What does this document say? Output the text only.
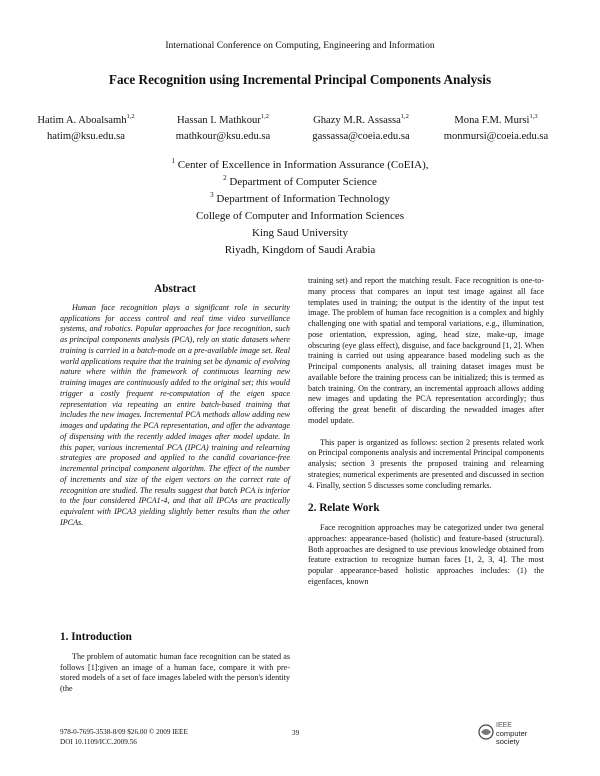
International Conference on Computing, Engineering and Information
Face Recognition using Incremental Principal Components Analysis
Hatim A. Aboalsamh$^{1,2}$
hatim@ksu.edu.sa
Hassan I. Mathkour$^{1,2}$
mathkour@ksu.edu.sa
Ghazy M.R. Assassa$^{1,2}$
gassassa@coeia.edu.sa
Mona F.M. Mursi$^{1,3}$
monmursi@coeia.edu.sa
$^1$ Center of Excellence in Information Assurance (CoEIA),
$^2$ Department of Computer Science
$^3$ Department of Information Technology
College of Computer and Information Sciences
King Saud University
Riyadh, Kingdom of Saudi Arabia
Abstract

Human face recognition plays a significant role in security applications for access control and real time video surveillance systems, and robotics. Popular approaches for face recognition, such as principal components analysis (PCA), rely on static datasets where training is carried in a batch-mode on a pre-available image set. Real world applications require that the training set be dynamic of evolving nature where within the framework of continuous learning new training images are continuously added to the original set; this would trigger a costly frequent re-computation of the eigen space representation via repeating an entire batch-based training that includes the new images. Incremental PCA methods allow adding new images and updating the PCA representation, and offer the advantage of dispensing with the recently added images after model update. In this paper, various incremental PCA (IPCA) training and relearning strategies are proposed and applied to the candid covariance-free incremental principal component algorithm. The effect of the number of increments and size of the eigen vectors on the correct rate of recognition are studied. The results suggest that batch PCA is inferior to the four considered IPCA1-4, and that all IPCAs are practically equivalent with IPCA3 yielding slightly better results than the other IPCAs.

1. Introduction

The problem of automatic human face recognition can be stated as follows [1]:given an image of a human face, compare it with pre-stored models of a set of face images labeled with the person's identity (the

training set) and report the matching result. Face recognition is one-to-many process that compares an input test image against all face templates used in training; the output is the identity of the input test image. The problem of human face recognition is a complex and highly challenging one with spatial and temporal variations, e.g., illumination, pose orientation, expression, aging, head size, make-up, image obscuring (eye glass effect), disguise, and face background [1, 2]. When training is carried out using appearance based modeling such as the Principal components analysis, all training dataset images must be available before the training process can be initialized; this is termed as batch training. On the contrary, an incremental approach allows adding new images and updating the PCA representation accordingly; thus offering the great benefit of discarding the newadded images after model update.

This paper is organized as follows: section 2 presents related work on Principal components analysis and incremental Principal components analysis; section 3 presents the proposed training and relearning strategies; numerical experiments are presented and discussed in section 4. Finally, section 5 discusses some concluding remarks.

2. Relate Work

Face recognition approaches may be categorized under two general approaches: appearance-based (holistic) and feature-based (structural). Both approaches are designed to use previous knowledge obtained from feature extraction to recognize human faces [1, 2, 3, 4]. The most popular appearance-based holistic approaches includes: (1) the eigenfaces, known

978-0-7695-3538-8/09 $26.00 © 2009 IEEE
DOI 10.1109/ICC.2009.56
39
IEEE
computer
society
